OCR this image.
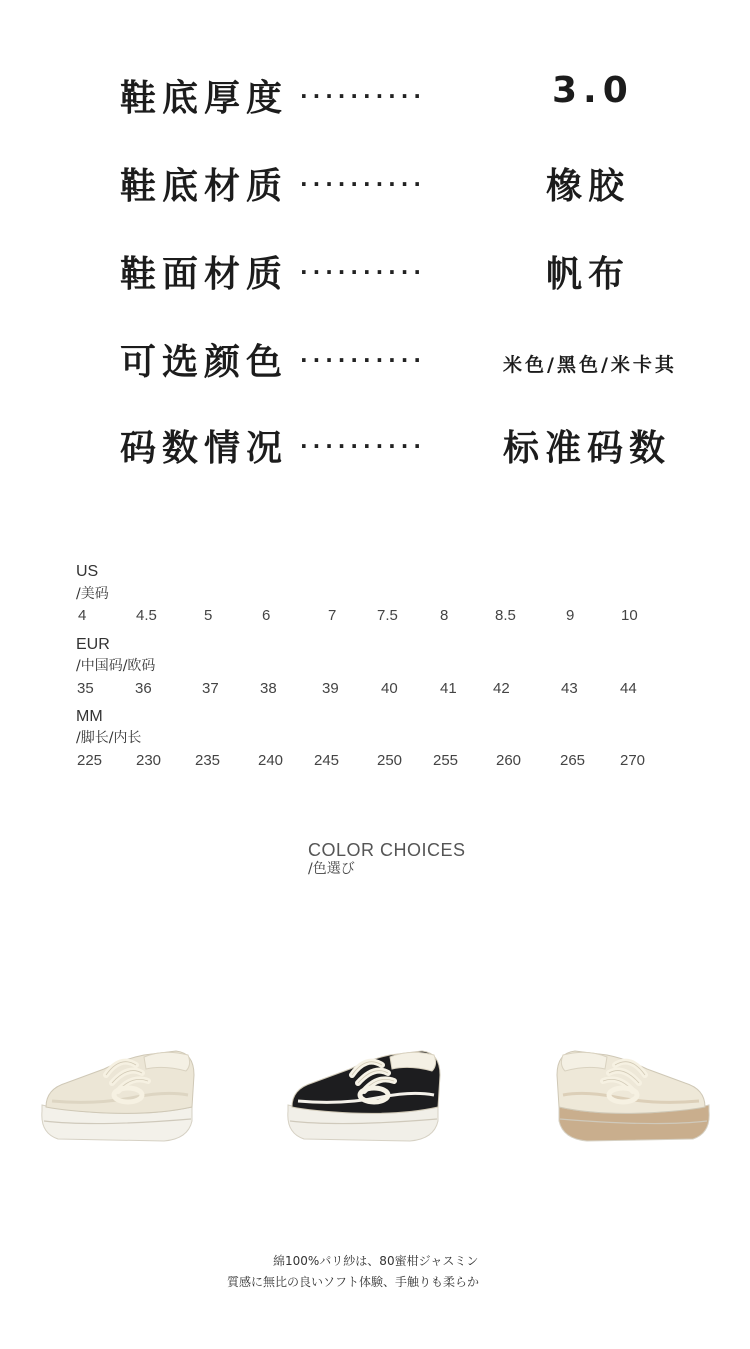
鞋底厚度 ··········	3.0
鞋底材质 ··········	橡胶
鞋面材质 ··········	帆布
可选颜色 ··········	米色/黑色/米卡其
码数情况 ·········· 标准码数
US
/美码
4	4.5	5	6	7	7.5	8	8.5	9	10
EUR
/中国码/欧码
35	36	37	38	39	40	41 42	43	44
MM
/脚长/内长
225 230 235	240 245	250 255	260	265 270
COLOR CHOICES
/色選び
綿100%パリ紗は、80蜜柑ジャスミン
質感に無比の良いソフト体験、手触りも柔らか
